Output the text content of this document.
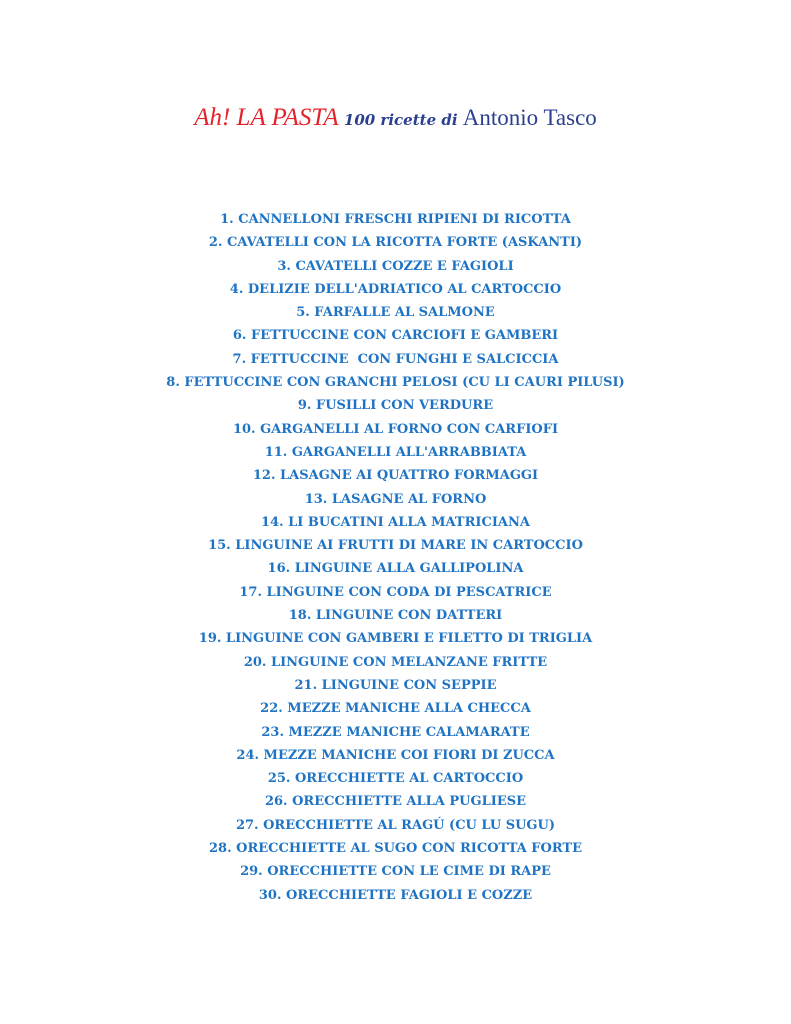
Ah! LA PASTA 100 ricette di Antonio Tasco
1. CANNELLONI FRESCHI RIPIENI DI RICOTTA
2. CAVATELLI CON LA RICOTTA FORTE (ASKANTI)
3. CAVATELLI COZZE E FAGIOLI
4. DELIZIE DELL'ADRIATICO AL CARTOCCIO
5. FARFALLE AL SALMONE
6. FETTUCCINE CON CARCIOFI E GAMBERI
7. FETTUCCINE  CON FUNGHI E SALCICCIA
8. FETTUCCINE CON GRANCHI PELOSI (CU LI CAURI PILUSI)
9. FUSILLI CON VERDURE
10. GARGANELLI AL FORNO CON CARFIOFI
11. GARGANELLI ALL'ARRABBIATA
12. LASAGNE AI QUATTRO FORMAGGI
13. LASAGNE AL FORNO
14. LI BUCATINI ALLA MATRICIANA
15. LINGUINE AI FRUTTI DI MARE IN CARTOCCIO
16. LINGUINE ALLA GALLIPOLINA
17. LINGUINE CON CODA DI PESCATRICE
18. LINGUINE CON DATTERI
19. LINGUINE CON GAMBERI E FILETTO DI TRIGLIA
20. LINGUINE CON MELANZANE FRITTE
21. LINGUINE CON SEPPIE
22. MEZZE MANICHE ALLA CHECCA
23. MEZZE MANICHE CALAMARATE
24. MEZZE MANICHE COI FIORI DI ZUCCA
25. ORECCHIETTE AL CARTOCCIO
26. ORECCHIETTE ALLA PUGLIESE
27. ORECCHIETTE AL RAGÚ (CU LU SUGU)
28. ORECCHIETTE AL SUGO CON RICOTTA FORTE
29. ORECCHIETTE CON LE CIME DI RAPE
30. ORECCHIETTE FAGIOLI E COZZE
